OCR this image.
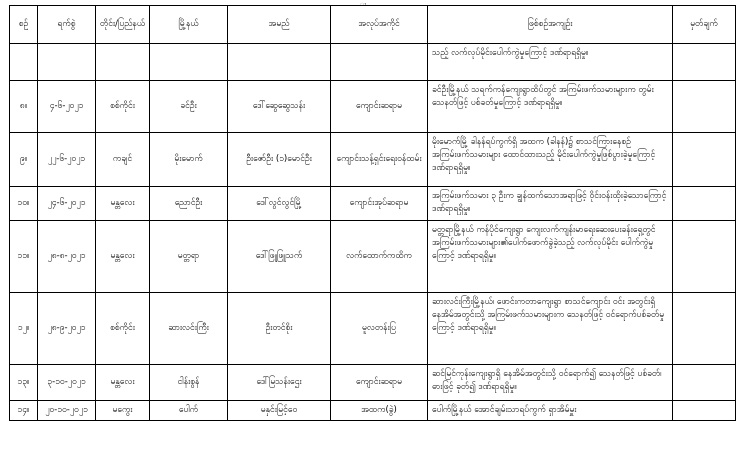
ၤ
စဉ်	ရက်စွဲ	တိုင်း/ပြည်နယ်	မြို့နယ်	အမည်	အလုပ်အကိုင်	ဖြစ်စဉ်အကျဉ်း	မှတ်ချက်
						သည့် လက်လုပ်မိုင်းပေါက်ကွဲမှုကြောင့် ဒဏ်ရာရရှိမှု။	
၈။	၄-၆-၂၀၂၁	စစ်ကိုင်း	ခင်ဦး	ဒေါ်ဆွေဆွေသန်း	ကျောင်းဆရာမ	ခင်ဦးမြို့နယ် သရက်ကန်ကျေးရွာထိပ်တွင် အကြမ်းဖက်သမားများက တွမ်းသေနတ်ဖြင့် ပစ်ခတ်မှုကြောင့် ဒဏ်ရာရရှိမှု။	
၉။	၂၂-၆-၂၀၂၁	ကချင်	မိုးမောက်	ဦးဇော်ဦး (၁)မောင်ဦး	ကျောင်းသန့်ရှင်းရေးဝန်ထမ်း	မိုးမောက်မြို့ ခါနန်ရပ်ကွက်ရှိ အထက (ခါနန်)၌ စာသင်ကြားနေစဉ် အကြမ်းဖက်သမားများ ထောင်ထားသည့် မိုင်းပေါက်ကွဲမှုဖြစ်ပွားခဲ့မှုကြောင့် ဒဏ်ရာရရှိမှု။	
၁၀။	၂၄-၆-၂၀၂၁	မန္တလေး	ညောင်ဦး	ဒေါ်လွင်လွင်မြို့	ကျောင်းအုပ်ဆရာမ	အကြမ်းဖက်သမား ၃ ဦးက ချွန်ထက်သောအရာဖြင့် ဝိုင်းဝန်းထိုးခဲ့သောကြောင့် ဒဏ်ရာရရှိမှု။	
၁၁။	၂၈-၈-၂၀၂၁	မန္တလေး	မတ္တရာ	ဒေါ်ဖြူဖြူသက်	လက်ထောက်ကထိက	မတ္တရာမြို့နယ် ကန်ပိုင်ကျေးရွာ ကျေးလက်ကျန်းမာရေးဆေးပေးခန်းရှေ့တွင် အကြမ်းဖက်သမားများ၏ပေါက်ဖောက်ခွဲခဲ့သည့် လက်လုပ်မိုင်း ပေါက်ကွဲမှုကြောင့် ဒဏ်ရာရရှိမှု။	
၁၂။	၂၈-၉-၂၀၂၁	စစ်ကိုင်း	ဆားလင်းကြီး	ဦးတင်စိုး	မူလတန်းပြ	ဆားလင်းကြီးမြို့နယ်၊ ဖောင်းကတာကျေးရွာ စာသင်ကျောင်း ဝင်း အတွင်းရှိ နေအိမ်အတွင်းသို့ အကြမ်းဖက်သမားများက သေနတ်ဖြင့် ဝင်ရောက်ပစ်ခတ်မှုကြောင့် ဒဏ်ရာရရှိမှု။	
၁၃။	၃-၁၀-၂၀၂၁	မန္တလေး	ငါန်းစွန်	ဒေါ်မြသန်းဌေး	ကျောင်းဆရာမ	ဆင်မြင်ကုန်းကျေးရွာရှိ နေအိမ်အတွင်းသို့ ဝင်ရောက်၍ သေနတ်ဖြင့် ပစ်ခတ်၊ ဓားဖြင့် ခုတ်၍ ဒဏ်ရာရရှိမှု။	
၁၄။	၂၀-၁၀-၂၀၂၁	မကွေး	ပေါက်	မနှင်းမြင့်ဝေ	အထက(ခွဲ)	ပေါက်မြို့နယ် အောင်ချမ်းသာရပ်ကွက် ရှာအိမ်မှူး	
